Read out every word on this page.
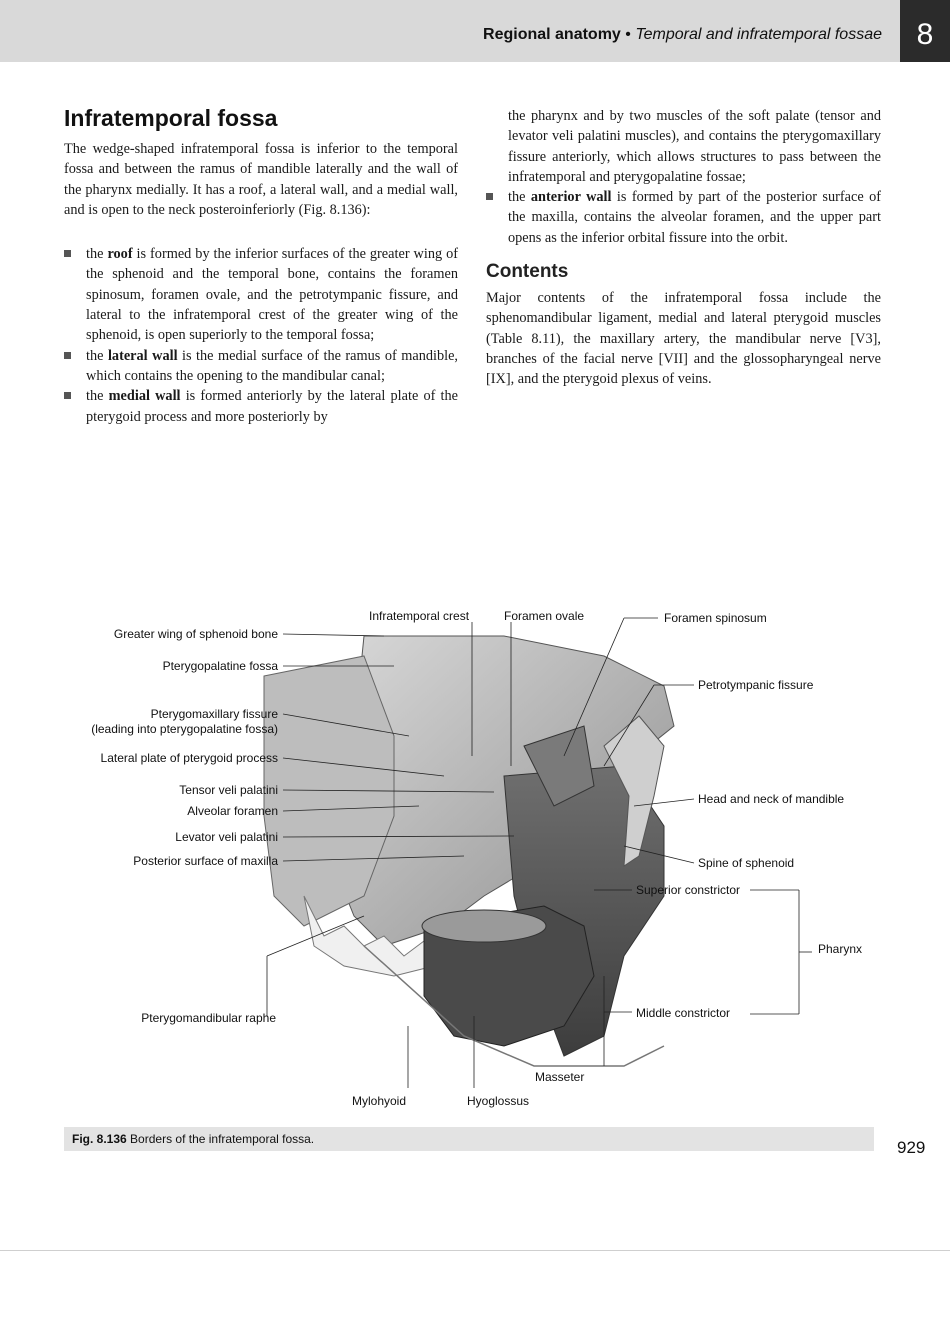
Regional anatomy • Temporal and infratemporal fossae	8
Infratemporal fossa

The wedge-shaped infratemporal fossa is inferior to the temporal fossa and between the ramus of mandible laterally and the wall of the pharynx medially. It has a roof, a lateral wall, and a medial wall, and is open to the neck posteroinferiorly (Fig. 8.136):

the roof is formed by the inferior surfaces of the greater wing of the sphenoid and the temporal bone, contains the foramen spinosum, foramen ovale, and the petrotympanic fissure, and lateral to the infratemporal crest of the greater wing of the sphenoid, is open superiorly to the temporal fossa;
the lateral wall is the medial surface of the ramus of mandible, which contains the opening to the mandibular canal;
the medial wall is formed anteriorly by the lateral plate of the pterygoid process and more posteriorly by
the pharynx and by two muscles of the soft palate (tensor and levator veli palatini muscles), and contains the pterygomaxillary fissure anteriorly, which allows structures to pass between the infratemporal and pterygopalatine fossae;
the anterior wall is formed by part of the posterior surface of the maxilla, contains the alveolar foramen, and the upper part opens as the inferior orbital fissure into the orbit.
Contents

Major contents of the infratemporal fossa include the sphenomandibular ligament, medial and lateral pterygoid muscles (Table 8.11), the maxillary artery, the mandibular nerve [V3], branches of the facial nerve [VII] and the glossopharyngeal nerve [IX], and the pterygoid plexus of veins.

Greater wing of sphenoid bone
Pterygopalatine fossa
Pterygomaxillary fissure
(leading into pterygopalatine fossa)
Lateral plate of pterygoid process
Tensor veli palatini
Alveolar foramen
Levator veli palatini
Posterior surface of maxilla
Pterygomandibular raphe
Infratemporal crest	Foramen ovale	Foramen spinosum
Petrotympanic fissure
Head and neck of mandible
Spine of sphenoid
Superior constrictor
Pharynx
Middle constrictor
Masseter
Mylohyoid	Hyoglossus
Fig. 8.136 Borders of the infratemporal fossa.	929
